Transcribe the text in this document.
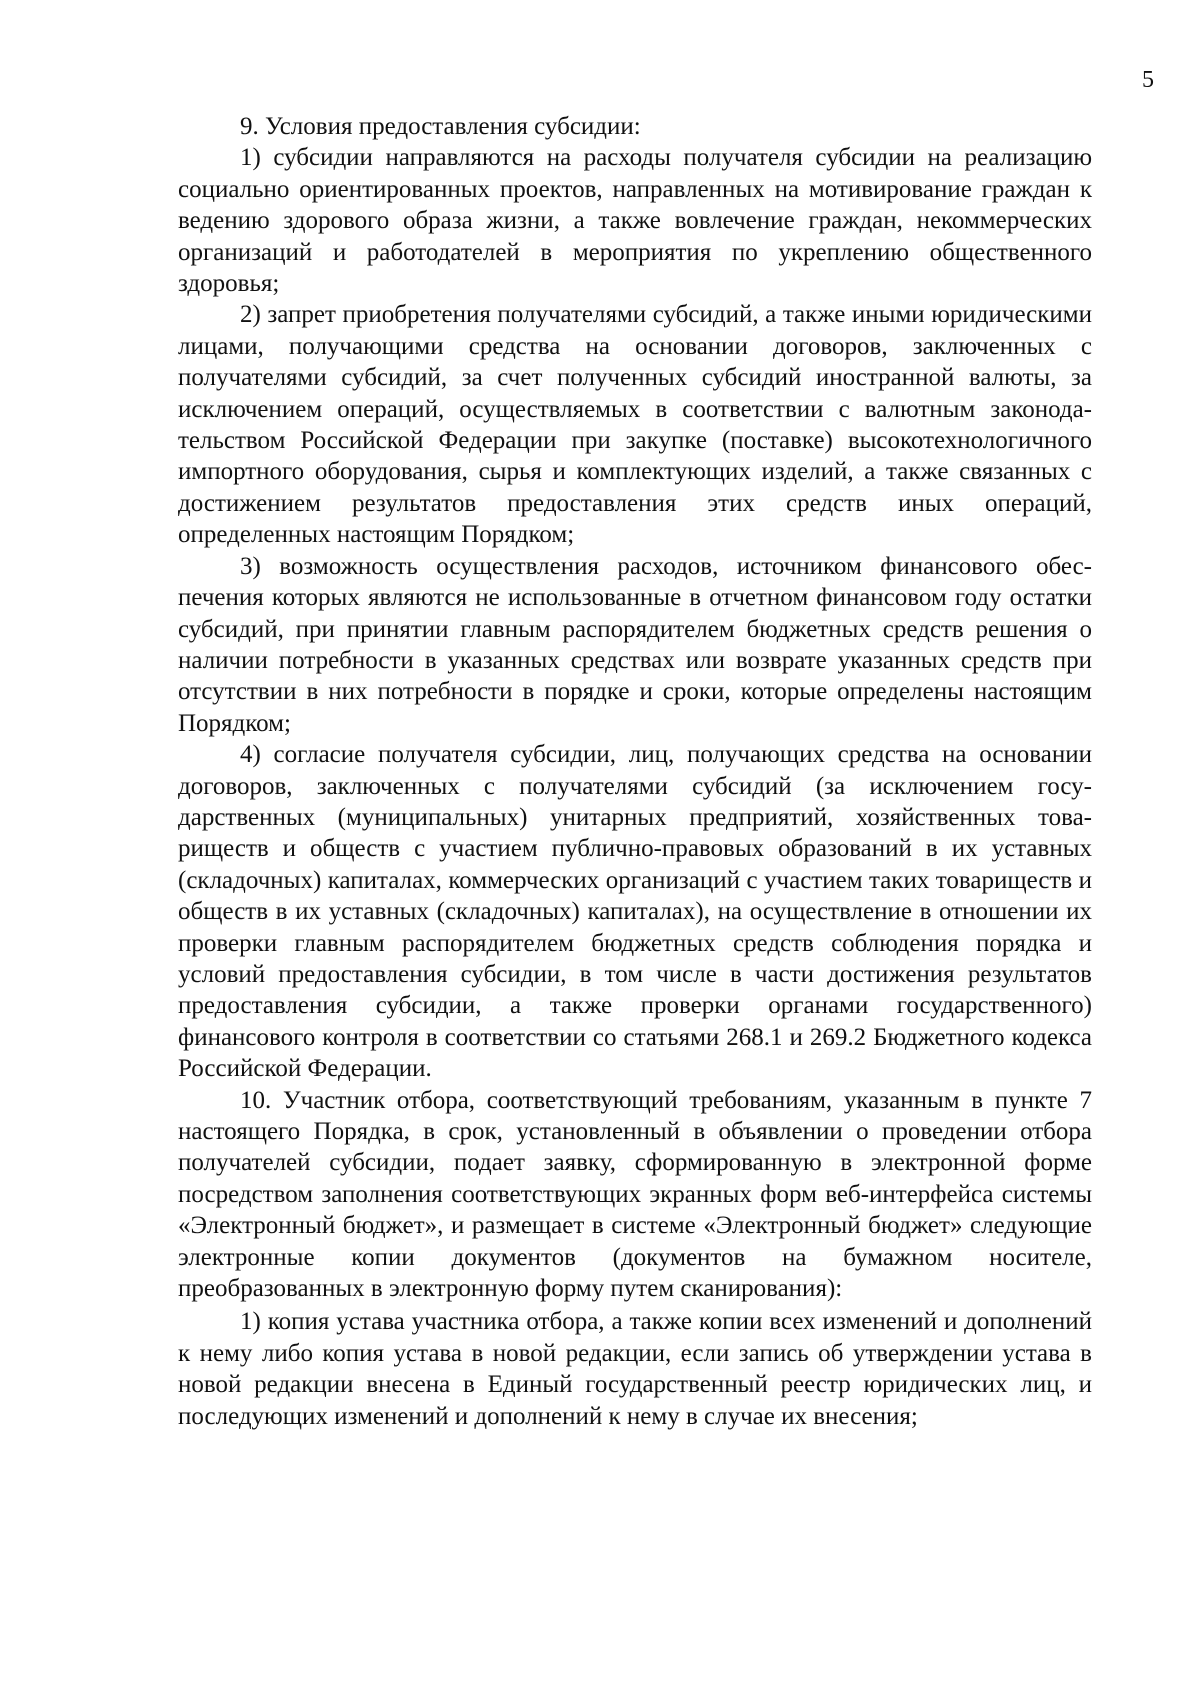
5

9. Условия предоставления субсидии:

1) субсидии направляются на расходы получателя субсидии на реализацию социально ориентированных проектов, направленных на мотивирование граждан к ведению здорового образа жизни, а также вовлечение граждан, некоммерческих организаций и работодателей в мероприятия по укреплению общественного здоровья;

2) запрет приобретения получателями субсидий, а также иными юридическими лицами, получающими средства на основании договоров, заключенных с получателями субсидий, за счет полученных субсидий иностранной валюты, за исключением операций, осуществляемых в соответствии с валютным законодательством Российской Федерации при закупке (поставке) высокотехнологичного импортного оборудования, сырья и комплектующих изделий, а также связанных с достижением результатов предоставления этих средств иных операций, определенных настоящим Порядком;

3) возможность осуществления расходов, источником финансового обеспечения которых являются не использованные в отчетном финансовом году остатки субсидий, при принятии главным распорядителем бюджетных средств решения о наличии потребности в указанных средствах или возврате указанных средств при отсутствии в них потребности в порядке и сроки, которые определены настоящим Порядком;

4) согласие получателя субсидии, лиц, получающих средства на основании договоров, заключенных с получателями субсидий (за исключением государственных (муниципальных) унитарных предприятий, хозяйственных товариществ и обществ с участием публично-правовых образований в их уставных (складочных) капиталах, коммерческих организаций с участием таких товариществ и обществ в их уставных (складочных) капиталах), на осуществление в отношении их проверки главным распорядителем бюджетных средств соблюдения порядка и условий предоставления субсидии, в том числе в части достижения результатов предоставления субсидии, а также проверки органами государственного) финансового контроля в соответствии со статьями 268.1 и 269.2 Бюджетного кодекса Российской Федерации.

10. Участник отбора, соответствующий требованиям, указанным в пункте 7 настоящего Порядка, в срок, установленный в объявлении о проведении отбора получателей субсидии, подает заявку, сформированную в электронной форме посредством заполнения соответствующих экранных форм веб-интерфейса системы «Электронный бюджет», и размещает в системе «Электронный бюджет» следующие электронные копии документов (документов на бумажном носителе, преобразованных в электронную форму путем сканирования):

1) копия устава участника отбора, а также копии всех изменений и дополнений к нему либо копия устава в новой редакции, если запись об утверждении устава в новой редакции внесена в Единый государственный реестр юридических лиц, и последующих изменений и дополнений к нему в случае их внесения;
